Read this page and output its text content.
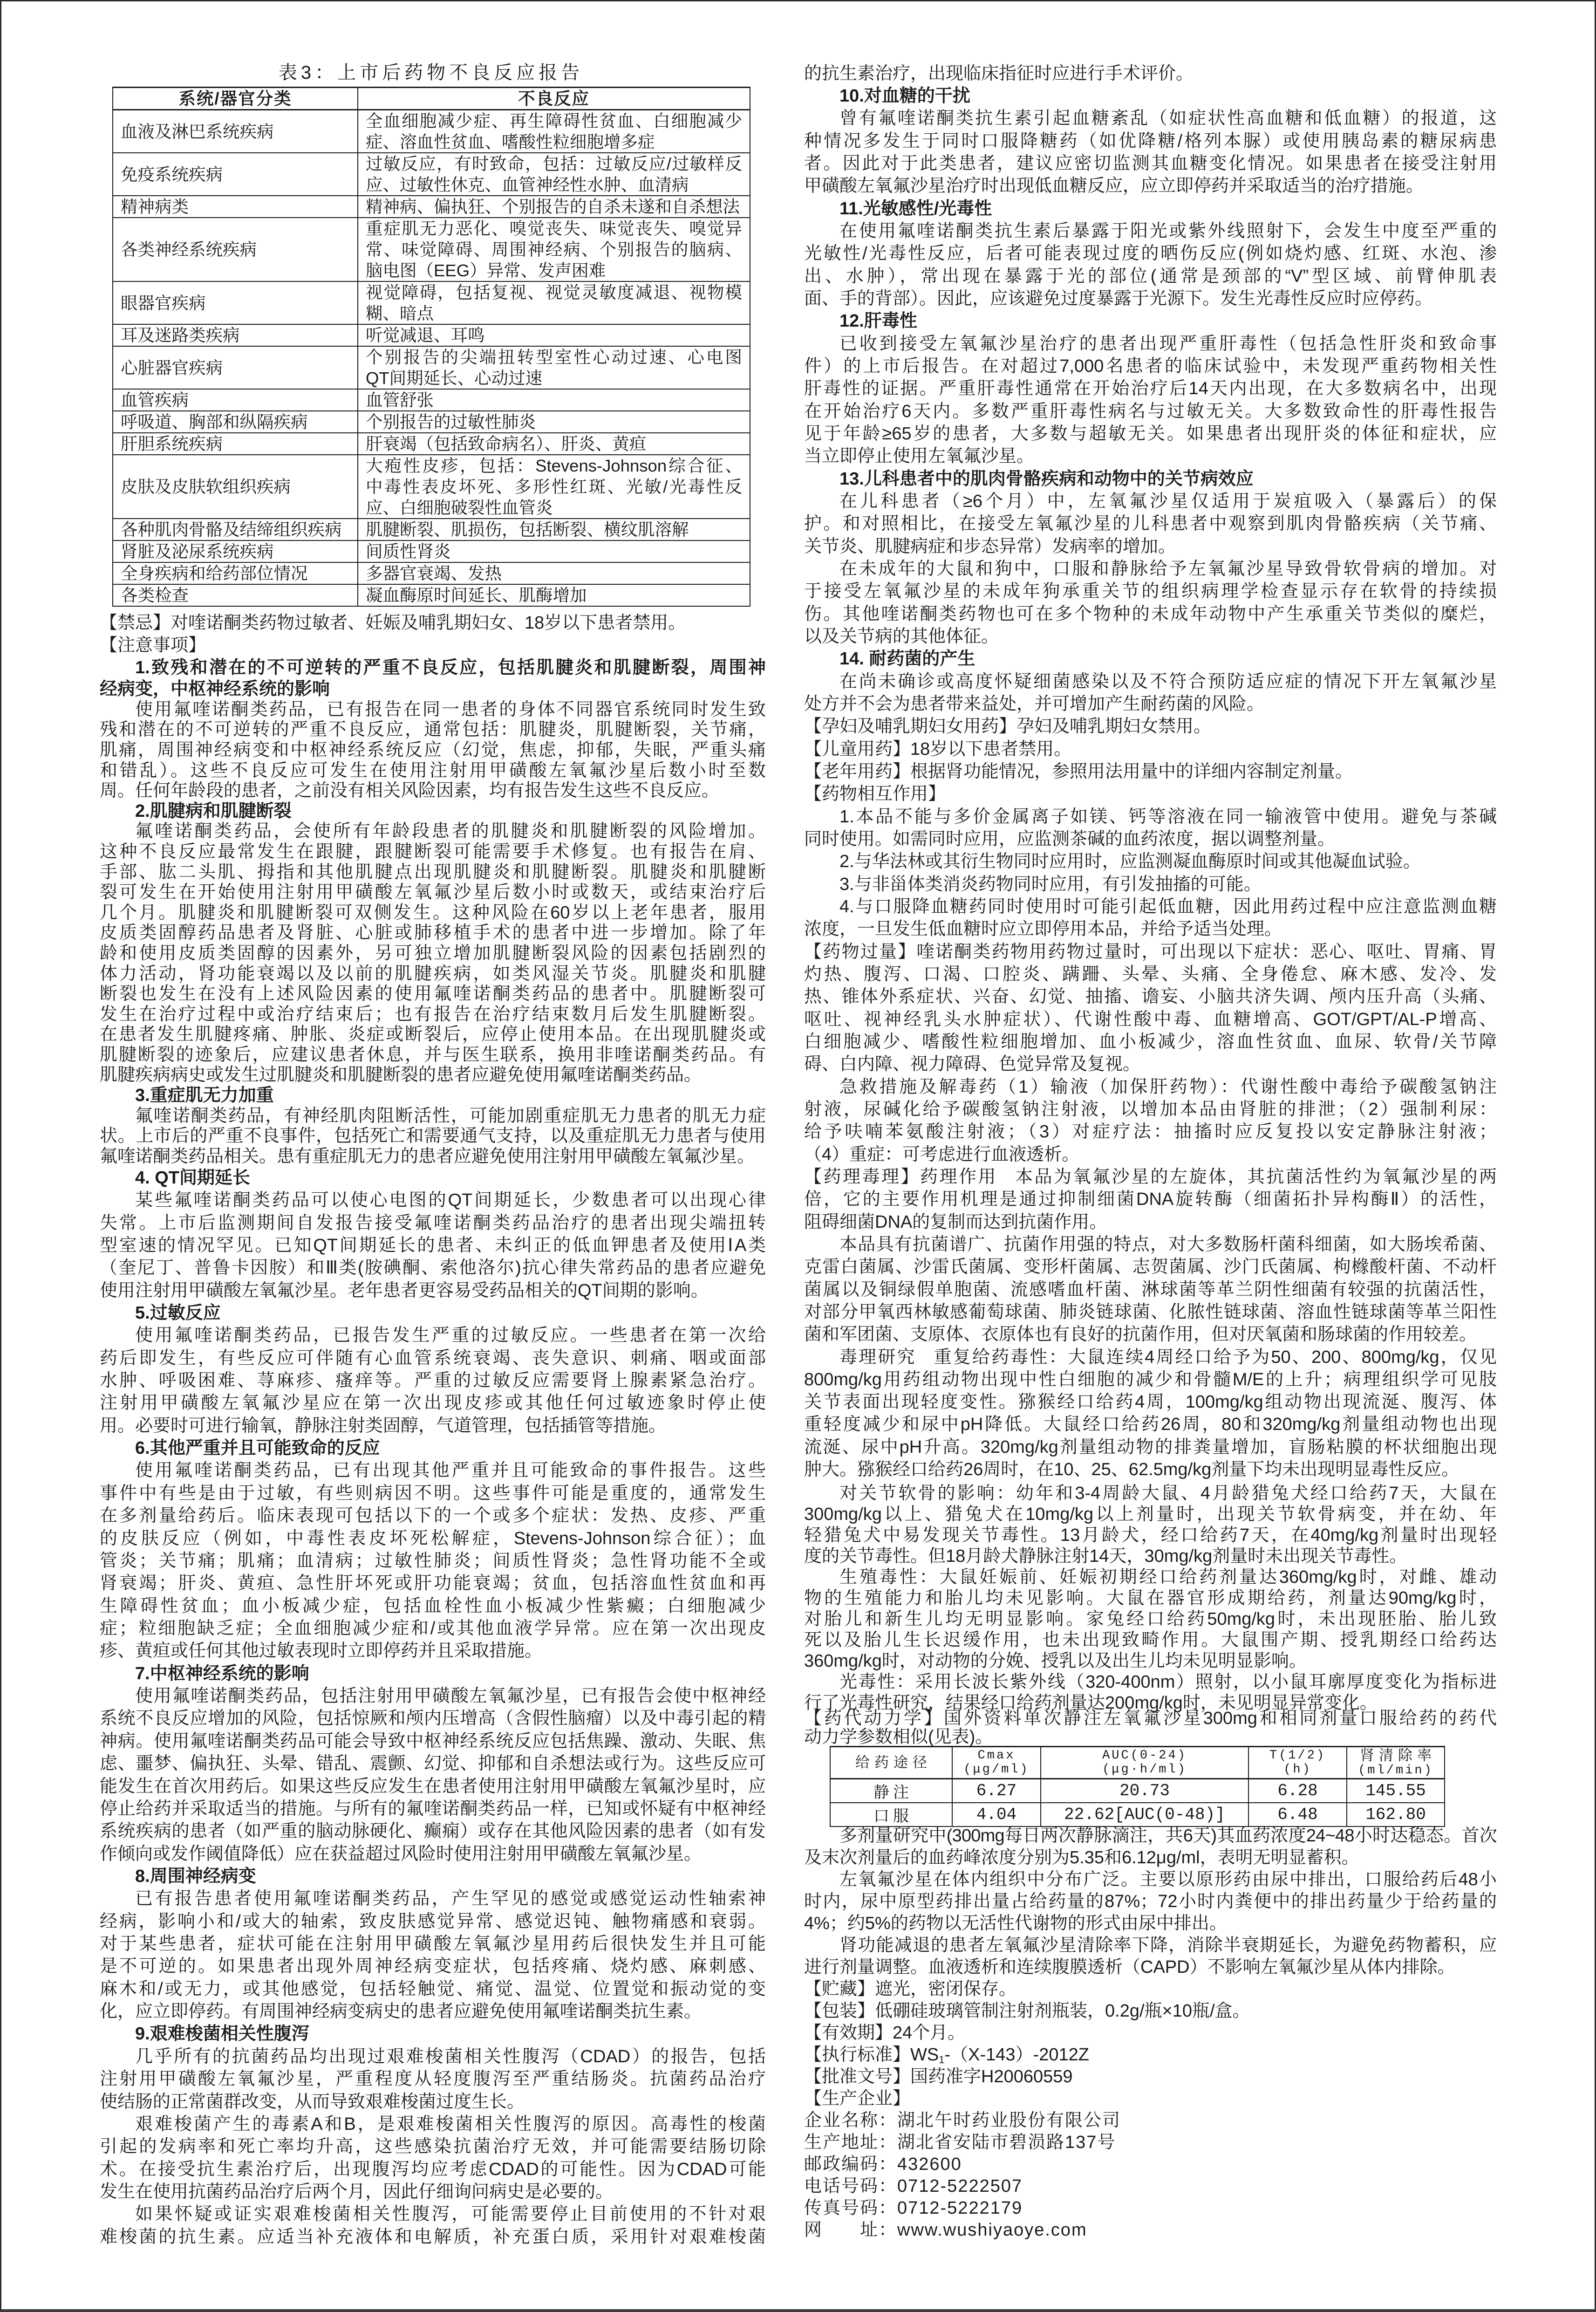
表3：上市后药物不良反应报告
系统/器官分类	不良反应
血液及淋巴系统疾病	全血细胞减少症、再生障碍性贫血、白细胞减少
症、溶血性贫血、嗜酸性粒细胞增多症

免疫系统疾病	过敏反应，有时致命，包括：过敏反应/过敏样反
应、过敏性休克、血管神经性水肿、血清病

精神病类	精神病、偏执狂、个别报告的自杀未遂和自杀想法

各类神经系统疾病	重症肌无力恶化、嗅觉丧失、味觉丧失、嗅觉异
常、味觉障碍、周围神经病、个别报告的脑病、
脑电图（EEG）异常、发声困难

眼器官疾病	视觉障碍，包括复视、视觉灵敏度减退、视物模
糊、暗点

耳及迷路类疾病	听觉减退、耳鸣

心脏器官疾病	个别报告的尖端扭转型室性心动过速、心电图
QT间期延长、心动过速

血管疾病	血管舒张

呼吸道、胸部和纵隔疾病	个别报告的过敏性肺炎

肝胆系统疾病	肝衰竭（包括致命病名）、肝炎、黄疸

皮肤及皮肤软组织疾病	大疱性皮疹，包括：Stevens-Johnson综合征、
中毒性表皮坏死、多形性红斑、光敏/光毒性反
应、白细胞破裂性血管炎

各种肌肉骨骼及结缔组织疾病	肌腱断裂、肌损伤，包括断裂、横纹肌溶解

肾脏及泌尿系统疾病	间质性肾炎

全身疾病和给药部位情况	多器官衰竭、发热

各类检查	凝血酶原时间延长、肌酶增加
【禁忌】对喹诺酮类药物过敏者、妊娠及哺乳期妇女、18岁以下患者禁用。
【注意事项】
1.致残和潜在的不可逆转的严重不良反应，包括肌腱炎和肌腱断裂，周围神
经病变，中枢神经系统的影响
使用氟喹诺酮类药品，已有报告在同一患者的身体不同器官系统同时发生致
残和潜在的不可逆转的严重不良反应，通常包括：肌腱炎，肌腱断裂，关节痛，
肌痛，周围神经病变和中枢神经系统反应（幻觉，焦虑，抑郁，失眠，严重头痛
和错乱）。这些不良反应可发生在使用注射用甲磺酸左氧氟沙星后数小时至数
周。任何年龄段的患者，之前没有相关风险因素，均有报告发生这些不良反应。
2.肌腱病和肌腱断裂
氟喹诺酮类药品，会使所有年龄段患者的肌腱炎和肌腱断裂的风险增加。
这种不良反应最常发生在跟腱，跟腱断裂可能需要手术修复。也有报告在肩、
手部、肱二头肌、拇指和其他肌腱点出现肌腱炎和肌腱断裂。肌腱炎和肌腱断
裂可发生在开始使用注射用甲磺酸左氧氟沙星后数小时或数天，或结束治疗后
几个月。肌腱炎和肌腱断裂可双侧发生。这种风险在60岁以上老年患者，服用
皮质类固醇药品患者及肾脏、心脏或肺移植手术的患者中进一步增加。除了年
龄和使用皮质类固醇的因素外，另可独立增加肌腱断裂风险的因素包括剧烈的
体力活动，肾功能衰竭以及以前的肌腱疾病，如类风湿关节炎。肌腱炎和肌腱
断裂也发生在没有上述风险因素的使用氟喹诺酮类药品的患者中。肌腱断裂可
发生在治疗过程中或治疗结束后；也有报告在治疗结束数月后发生肌腱断裂。
在患者发生肌腱疼痛、肿胀、炎症或断裂后，应停止使用本品。在出现肌腱炎或
肌腱断裂的迹象后，应建议患者休息，并与医生联系，换用非喹诺酮类药品。有
肌腱疾病病史或发生过肌腱炎和肌腱断裂的患者应避免使用氟喹诺酮类药品。
3.重症肌无力加重
氟喹诺酮类药品，有神经肌肉阻断活性，可能加剧重症肌无力患者的肌无力症
状。上市后的严重不良事件，包括死亡和需要通气支持，以及重症肌无力患者与使用
氟喹诺酮类药品相关。患有重症肌无力的患者应避免使用注射用甲磺酸左氧氟沙星。
4. QT间期延长
某些氟喹诺酮类药品可以使心电图的QT间期延长，少数患者可以出现心律
失常。上市后监测期间自发报告接受氟喹诺酮类药品治疗的患者出现尖端扭转
型室速的情况罕见。已知QT间期延长的患者、未纠正的低血钾患者及使用ⅠA类
（奎尼丁、普鲁卡因胺）和Ⅲ类(胺碘酮、索他洛尔)抗心律失常药品的患者应避免
使用注射用甲磺酸左氧氟沙星。老年患者更容易受药品相关的QT间期的影响。
5.过敏反应
使用氟喹诺酮类药品，已报告发生严重的过敏反应。一些患者在第一次给
药后即发生，有些反应可伴随有心血管系统衰竭、丧失意识、刺痛、咽或面部
水肿、呼吸困难、荨麻疹、瘙痒等。严重的过敏反应需要肾上腺素紧急治疗。
注射用甲磺酸左氧氟沙星应在第一次出现皮疹或其他任何过敏迹象时停止使
用。必要时可进行输氧，静脉注射类固醇，气道管理，包括插管等措施。
6.其他严重并且可能致命的反应
使用氟喹诺酮类药品，已有出现其他严重并且可能致命的事件报告。这些
事件中有些是由于过敏，有些则病因不明。这些事件可能是重度的，通常发生
在多剂量给药后。临床表现可包括以下的一个或多个症状：发热、皮疹、严重
的皮肤反应（例如，中毒性表皮坏死松解症，Stevens-Johnson综合征）；血
管炎；关节痛；肌痛；血清病；过敏性肺炎；间质性肾炎；急性肾功能不全或
肾衰竭；肝炎、黄疸、急性肝坏死或肝功能衰竭；贫血，包括溶血性贫血和再
生障碍性贫血；血小板减少症，包括血栓性血小板减少性紫癜；白细胞减少
症；粒细胞缺乏症；全血细胞减少症和/或其他血液学异常。应在第一次出现皮
疹、黄疸或任何其他过敏表现时立即停药并且采取措施。
7.中枢神经系统的影响
使用氟喹诺酮类药品，包括注射用甲磺酸左氧氟沙星，已有报告会使中枢神经
系统不良反应增加的风险，包括惊厥和颅内压增高（含假性脑瘤）以及中毒引起的精
神病。使用氟喹诺酮类药品可能会导致中枢神经系统反应包括焦躁、激动、失眠、焦
虑、噩梦、偏执狂、头晕、错乱、震颤、幻觉、抑郁和自杀想法或行为。这些反应可
能发生在首次用药后。如果这些反应发生在患者使用注射用甲磺酸左氧氟沙星时，应
停止给药并采取适当的措施。与所有的氟喹诺酮类药品一样，已知或怀疑有中枢神经
系统疾病的患者（如严重的脑动脉硬化、癫痫）或存在其他风险因素的患者（如有发
作倾向或发作阈值降低）应在获益超过风险时使用注射用甲磺酸左氧氟沙星。
8.周围神经病变
已有报告患者使用氟喹诺酮类药品，产生罕见的感觉或感觉运动性轴索神
经病，影响小和/或大的轴索，致皮肤感觉异常、感觉迟钝、触物痛感和衰弱。
对于某些患者，症状可能在注射用甲磺酸左氧氟沙星用药后很快发生并且可能
是不可逆的。如果患者出现外周神经病变症状，包括疼痛、烧灼感、麻刺感、
麻木和/或无力，或其他感觉，包括轻触觉、痛觉、温觉、位置觉和振动觉的变
化，应立即停药。有周围神经病变病史的患者应避免使用氟喹诺酮类抗生素。
9.艰难梭菌相关性腹泻
几乎所有的抗菌药品均出现过艰难梭菌相关性腹泻（CDAD）的报告，包括
注射用甲磺酸左氧氟沙星，严重程度从轻度腹泻至严重结肠炎。抗菌药品治疗
使结肠的正常菌群改变，从而导致艰难梭菌过度生长。
艰难梭菌产生的毒素A和B，是艰难梭菌相关性腹泻的原因。高毒性的梭菌
引起的发病率和死亡率均升高，这些感染抗菌治疗无效，并可能需要结肠切除
术。在接受抗生素治疗后，出现腹泻均应考虑CDAD的可能性。因为CDAD可能
发生在使用抗菌药品治疗后两个月，因此仔细询问病史是必要的。
如果怀疑或证实艰难梭菌相关性腹泻，可能需要停止目前使用的不针对艰
难梭菌的抗生素。应适当补充液体和电解质，补充蛋白质，采用针对艰难梭菌
的抗生素治疗，出现临床指征时应进行手术评价。
10.对血糖的干扰
曾有氟喹诺酮类抗生素引起血糖紊乱（如症状性高血糖和低血糖）的报道，这
种情况多发生于同时口服降糖药（如优降糖/格列本脲）或使用胰岛素的糖尿病患
者。因此对于此类患者，建议应密切监测其血糖变化情况。如果患者在接受注射用
甲磺酸左氧氟沙星治疗时出现低血糖反应，应立即停药并采取适当的治疗措施。
11.光敏感性/光毒性
在使用氟喹诺酮类抗生素后暴露于阳光或紫外线照射下，会发生中度至严重的
光敏性/光毒性反应，后者可能表现过度的晒伤反应(例如烧灼感、红斑、水泡、渗
出、水肿），常出现在暴露于光的部位(通常是颈部的“V”型区域、前臂伸肌表
面、手的背部）。因此，应该避免过度暴露于光源下。发生光毒性反应时应停药。
12.肝毒性
已收到接受左氧氟沙星治疗的患者出现严重肝毒性（包括急性肝炎和致命事
件）的上市后报告。在对超过7,000名患者的临床试验中，未发现严重药物相关性
肝毒性的证据。严重肝毒性通常在开始治疗后14天内出现，在大多数病名中，出现
在开始治疗6天内。多数严重肝毒性病名与过敏无关。大多数致命性的肝毒性报告
见于年龄≥65岁的患者，大多数与超敏无关。如果患者出现肝炎的体征和症状，应
当立即停止使用左氧氟沙星。
13.儿科患者中的肌肉骨骼疾病和动物中的关节病效应
在儿科患者（≥6个月）中，左氧氟沙星仅适用于炭疽吸入（暴露后）的保
护。和对照相比，在接受左氧氟沙星的儿科患者中观察到肌肉骨骼疾病（关节痛、
关节炎、肌腱病症和步态异常）发病率的增加。
在未成年的大鼠和狗中，口服和静脉给予左氧氟沙星导致骨软骨病的增加。对
于接受左氧氟沙星的未成年狗承重关节的组织病理学检查显示存在软骨的持续损
伤。其他喹诺酮类药物也可在多个物种的未成年动物中产生承重关节类似的糜烂，
以及关节病的其他体征。
14. 耐药菌的产生
在尚未确诊或高度怀疑细菌感染以及不符合预防适应症的情况下开左氧氟沙星
处方并不会为患者带来益处，并可增加产生耐药菌的风险。
【孕妇及哺乳期妇女用药】孕妇及哺乳期妇女禁用。
【儿童用药】18岁以下患者禁用。
【老年用药】根据肾功能情况，参照用法用量中的详细内容制定剂量。
【药物相互作用】
1.本品不能与多价金属离子如镁、钙等溶液在同一输液管中使用。避免与茶碱
同时使用。如需同时应用，应监测茶碱的血药浓度，据以调整剂量。
2.与华法林或其衍生物同时应用时，应监测凝血酶原时间或其他凝血试验。
3.与非甾体类消炎药物同时应用，有引发抽搐的可能。
4.与口服降血糖药同时使用时可能引起低血糖，因此用药过程中应注意监测血糖
浓度，一旦发生低血糖时应立即停用本品，并给予适当处理。
【药物过量】喹诺酮类药物用药物过量时，可出现以下症状：恶心、呕吐、胃痛、胃
灼热、腹泻、口渴、口腔炎、蹒跚、头晕、头痛、全身倦怠、麻木感、发冷、发
热、锥体外系症状、兴奋、幻觉、抽搐、谵妄、小脑共济失调、颅内压升高（头痛、
呕吐、视神经乳头水肿症状）、代谢性酸中毒、血糖增高、GOT/GPT/AL-P增高、
白细胞减少、嗜酸性粒细胞增加、血小板减少，溶血性贫血、血尿、软骨/关节障
碍、白内障、视力障碍、色觉异常及复视。
急救措施及解毒药（1）输液（加保肝药物）：代谢性酸中毒给予碳酸氢钠注
射液，尿碱化给予碳酸氢钠注射液，以增加本品由肾脏的排泄；（2）强制利尿：
给予呋喃苯氨酸注射液；（3）对症疗法：抽搐时应反复投以安定静脉注射液；
（4）重症：可考虑进行血液透析。
【药理毒理】药理作用 本品为氧氟沙星的左旋体，其抗菌活性约为氧氟沙星的两
倍，它的主要作用机理是通过抑制细菌DNA旋转酶（细菌拓扑异构酶Ⅱ）的活性，
阻碍细菌DNA的复制而达到抗菌作用。
本品具有抗菌谱广、抗菌作用强的特点，对大多数肠杆菌科细菌，如大肠埃希菌、
克雷白菌属、沙雷氏菌属、变形杆菌属、志贺菌属、沙门氏菌属、枸橼酸杆菌、不动杆
菌属以及铜绿假单胞菌、流感嗜血杆菌、淋球菌等革兰阴性细菌有较强的抗菌活性，
对部分甲氧西林敏感葡萄球菌、肺炎链球菌、化脓性链球菌、溶血性链球菌等革兰阳性
菌和军团菌、支原体、衣原体也有良好的抗菌作用，但对厌氧菌和肠球菌的作用较差。
毒理研究 重复给药毒性：大鼠连续4周经口给予为50、200、800mg/kg，仅见
800mg/kg用药组动物出现中性白细胞的减少和骨髓M/E的上升；病理组织学可见肢
关节表面出现轻度变性。猕猴经口给药4周，100mg/kg组动物出现流涎、腹泻、体
重轻度减少和尿中pH降低。大鼠经口给药26周，80和320mg/kg剂量组动物也出现
流涎、尿中pH升高。320mg/kg剂量组动物的排粪量增加，盲肠粘膜的杯状细胞出现
肿大。猕猴经口给药26周时，在10、25、62.5mg/kg剂量下均未出现明显毒性反应。
对关节软骨的影响：幼年和3-4周龄大鼠、4月龄猎兔犬经口给药7天，大鼠在
300mg/kg以上、猎兔犬在10mg/kg以上剂量时，出现关节软骨病变，并在幼、年
轻猎兔犬中易发现关节毒性。13月龄犬，经口给药7天，在40mg/kg剂量时出现轻
度的关节毒性。但18月龄犬静脉注射14天，30mg/kg剂量时未出现关节毒性。
生殖毒性：大鼠妊娠前、妊娠初期经口给药剂量达360mg/kg时，对雌、雄动
物的生殖能力和胎儿均未见影响。大鼠在器官形成期给药，剂量达90mg/kg时，
对胎儿和新生儿均无明显影响。家兔经口给药50mg/kg时，未出现胚胎、胎儿致
死以及胎儿生长迟缓作用，也未出现致畸作用。大鼠围产期、授乳期经口给药达
360mg/kg时，对动物的分娩、授乳以及出生儿均未见明显影响。
光毒性：采用长波长紫外线（320-400nm）照射，以小鼠耳廓厚度变化为指标进
行了光毒性研究，结果经口给药剂量达200mg/kg时，未见明显异常变化。
【药代动力学】国外资料单次静注左氧氟沙星300mg和相同剂量口服给药的药代
动力学参数相似(见表)。
给药途径	Cmax
(μg/ml)	AUC(0-24)
(μg·h/ml)	T(1/2)
(h)	肾清除率
(ml/min)

静注	6.27	20.73	6.28	145.55
口服	4.04	22.62[AUC(0-48)]	6.48	162.80
多剂量研究中(300mg每日两次静脉滴注，共6天)其血药浓度24~48小时达稳态。首次
及末次剂量后的血药峰浓度分别为5.35和6.12μg/ml，表明无明显蓄积。
左氧氟沙星在体内组织中分布广泛。主要以原形药由尿中排出，口服给药后48小
时内，尿中原型药排出量占给药量的87%；72小时内粪便中的排出药量少于给药量的
4%；约5%的药物以无活性代谢物的形式由尿中排出。
肾功能减退的患者左氧氟沙星清除率下降，消除半衰期延长，为避免药物蓄积，应
进行剂量调整。血液透析和连续腹膜透析（CAPD）不影响左氧氟沙星从体内排除。
【贮藏】遮光，密闭保存。
【包装】低硼硅玻璃管制注射剂瓶装，0.2g/瓶×10瓶/盒。
【有效期】24个月。
【执行标准】$WS_1-(X-143)-2012Z$
【批准文号】国药准字H20060559
【生产企业】
企业名称：湖北午时药业股份有限公司
生产地址：湖北省安陆市碧涢路137号
邮政编码：432600
电话号码：0712-5222507
传真号码：0712-5222179
网　　址：www.wushiyaoye.com
